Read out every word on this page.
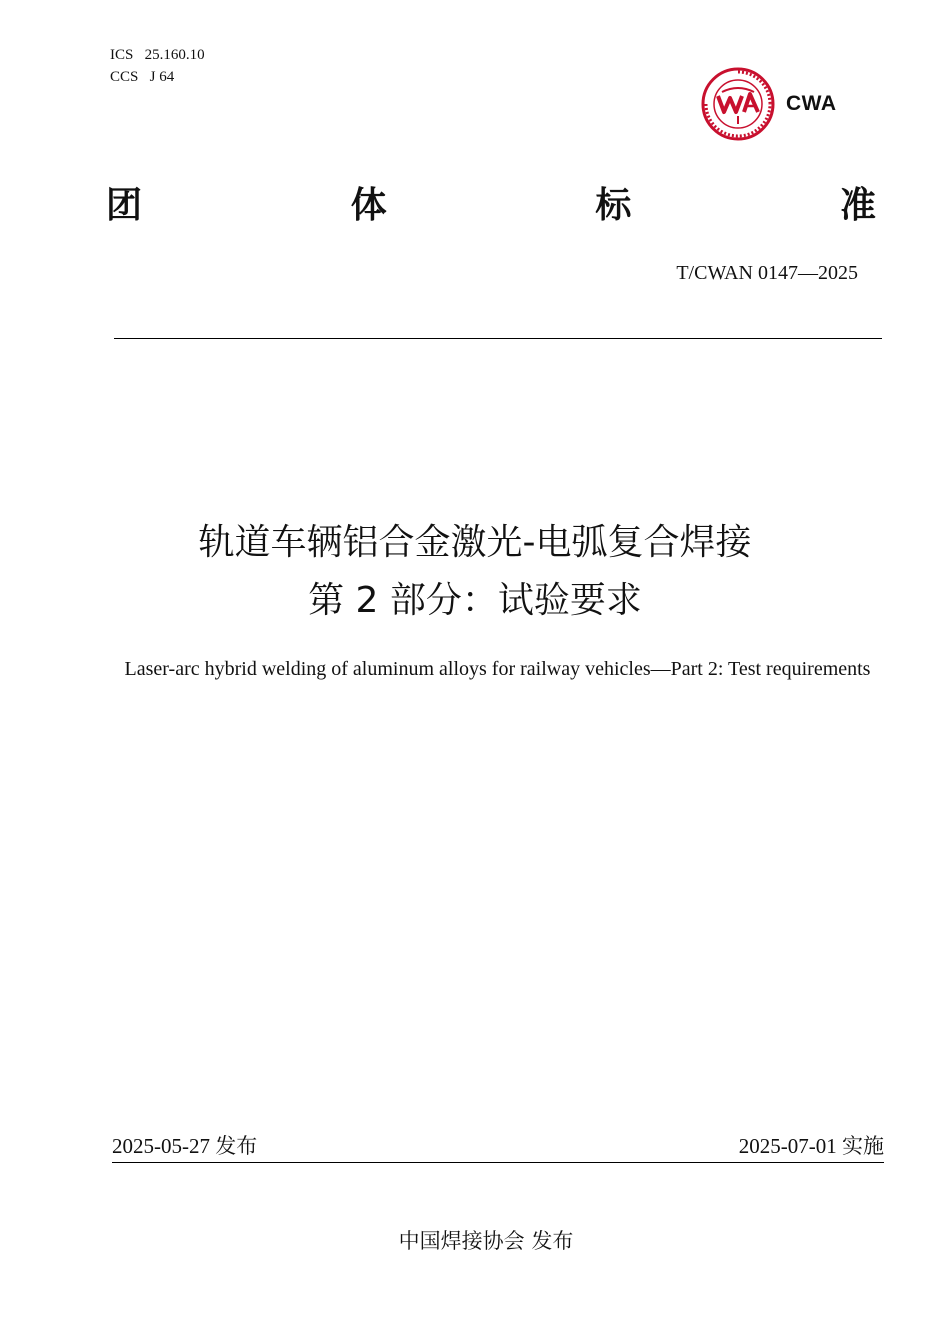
ICS   25.160.10
CCS   J 64
CWA
团	体	标	准
T/CWAN 0147—2025
轨道车辆铝合金激光-电弧复合焊接
第 2 部分：试验要求
Laser-arc hybrid welding of aluminum alloys for railway vehicles—Part 2: Test requirements
2025-05-27 发布	2025-07-01 实施
中国焊接协会 发布
